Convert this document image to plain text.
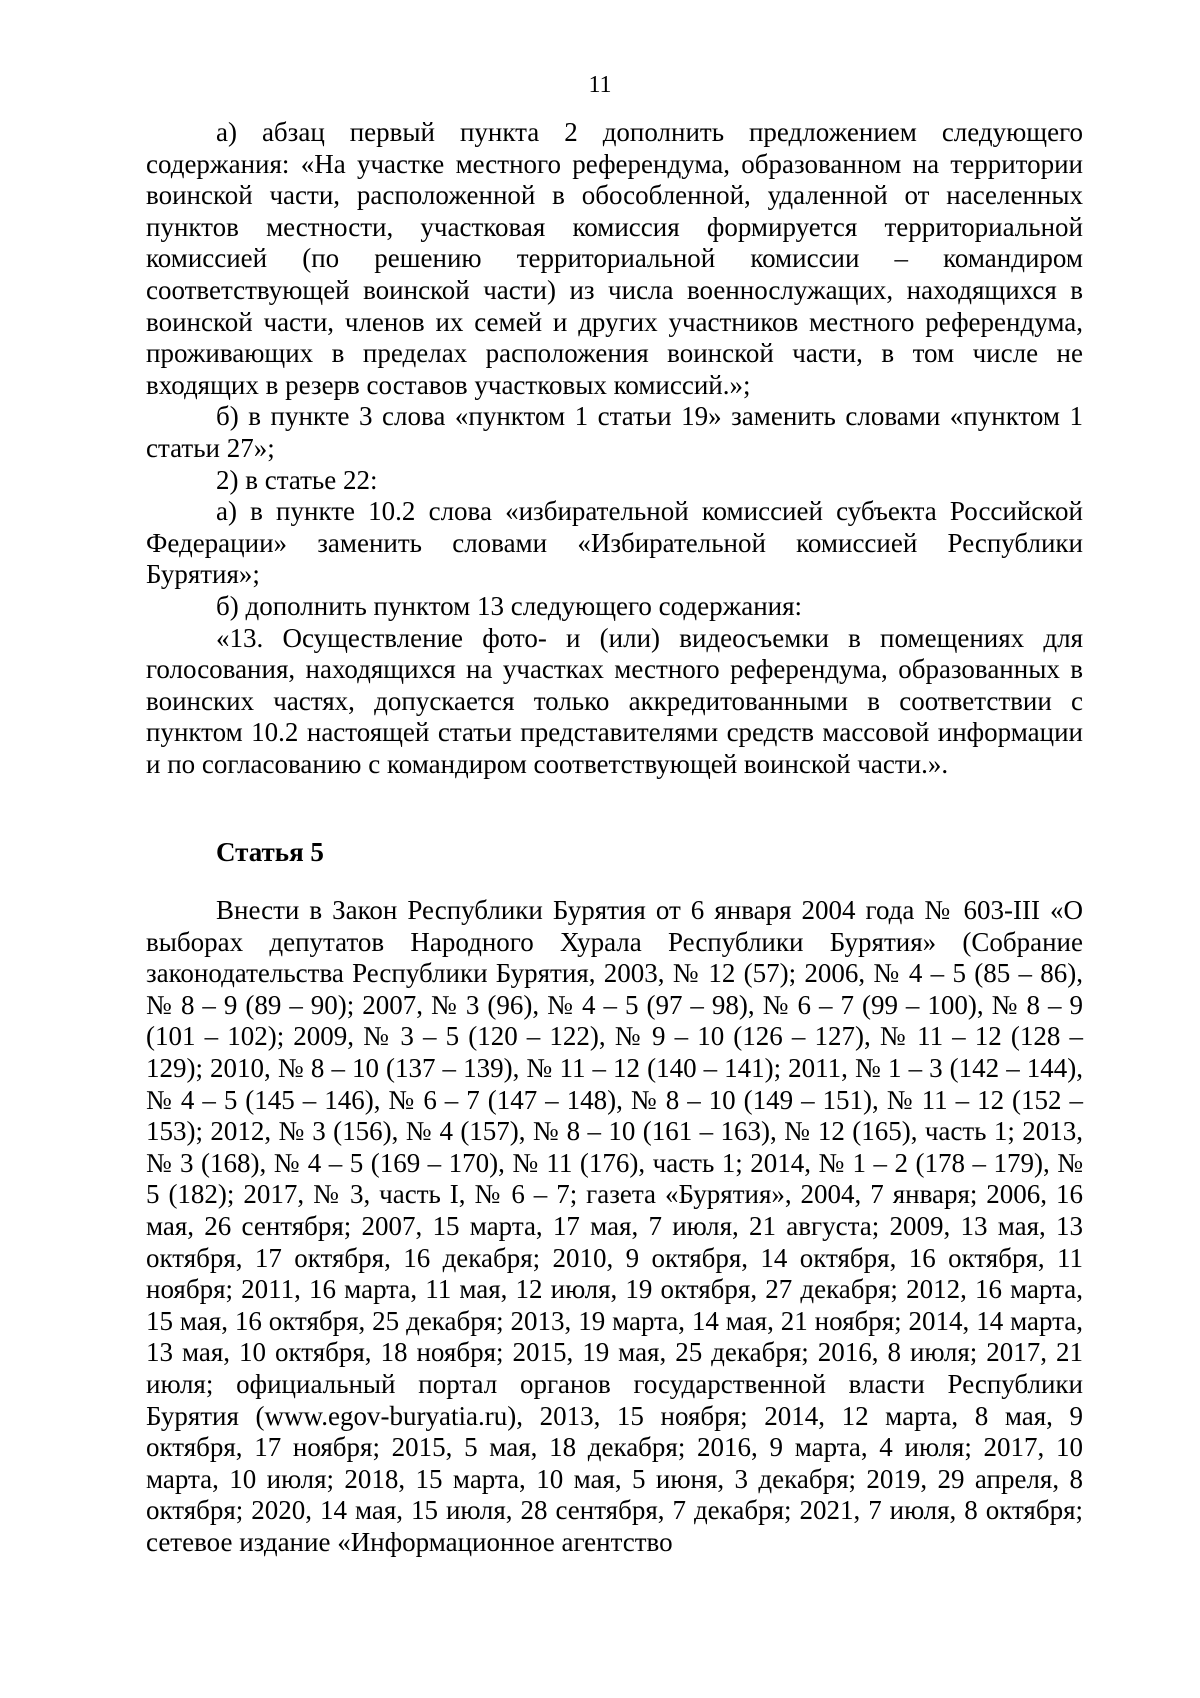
11

а) абзац первый пункта 2 дополнить предложением следующего содержания: «На участке местного референдума, образованном на территории воинской части, расположенной в обособленной, удаленной от населенных пунктов местности, участковая комиссия формируется территориальной комиссией (по решению территориальной комиссии – командиром соответствующей воинской части) из числа военнослужащих, находящихся в воинской части, членов их семей и других участников местного референдума, проживающих в пределах расположения воинской части, в том числе не входящих в резерв составов участковых комиссий.»;

б) в пункте 3 слова «пунктом 1 статьи 19» заменить словами «пунктом 1 статьи 27»;

2) в статье 22:

а) в пункте 10.2 слова «избирательной комиссией субъекта Российской Федерации» заменить словами «Избирательной комиссией Республики Бурятия»;

б) дополнить пунктом 13 следующего содержания:

«13. Осуществление фото- и (или) видеосъемки в помещениях для голосования, находящихся на участках местного референдума, образованных в воинских частях, допускается только аккредитованными в соответствии с пунктом 10.2 настоящей статьи представителями средств массовой информации и по согласованию с командиром соответствующей воинской части.».

Статья 5

Внести в Закон Республики Бурятия от 6 января 2004 года № 603-III «О выборах депутатов Народного Хурала Республики Бурятия» (Собрание законодательства Республики Бурятия, 2003, № 12 (57); 2006, № 4 – 5 (85 – 86), № 8 – 9 (89 – 90); 2007, № 3 (96), № 4 – 5 (97 – 98), № 6 – 7 (99 – 100), № 8 – 9 (101 – 102); 2009, № 3 – 5 (120 – 122), № 9 – 10 (126 – 127), № 11 – 12 (128 – 129); 2010, № 8 – 10 (137 – 139), № 11 – 12 (140 – 141); 2011, № 1 – 3 (142 – 144), № 4 – 5 (145 – 146), № 6 – 7 (147 – 148), № 8 – 10 (149 – 151), № 11 – 12 (152 – 153); 2012, № 3 (156), № 4 (157), № 8 – 10 (161 – 163), № 12 (165), часть 1; 2013, № 3 (168), № 4 – 5 (169 – 170), № 11 (176), часть 1; 2014, № 1 – 2 (178 – 179), № 5 (182); 2017, № 3, часть I, № 6 – 7; газета «Бурятия», 2004, 7 января; 2006, 16 мая, 26 сентября; 2007, 15 марта, 17 мая, 7 июля, 21 августа; 2009, 13 мая, 13 октября, 17 октября, 16 декабря; 2010, 9 октября, 14 октября, 16 октября, 11 ноября; 2011, 16 марта, 11 мая, 12 июля, 19 октября, 27 декабря; 2012, 16 марта, 15 мая, 16 октября, 25 декабря; 2013, 19 марта, 14 мая, 21 ноября; 2014, 14 марта, 13 мая, 10 октября, 18 ноября; 2015, 19 мая, 25 декабря; 2016, 8 июля; 2017, 21 июля; официальный портал органов государственной власти Республики Бурятия (www.egov-buryatia.ru), 2013, 15 ноября; 2014, 12 марта, 8 мая, 9 октября, 17 ноября; 2015, 5 мая, 18 декабря; 2016, 9 марта, 4 июля; 2017, 10 марта, 10 июля; 2018, 15 марта, 10 мая, 5 июня, 3 декабря; 2019, 29 апреля, 8 октября; 2020, 14 мая, 15 июля, 28 сентября, 7 декабря; 2021, 7 июля, 8 октября; сетевое издание «Информационное агентство
